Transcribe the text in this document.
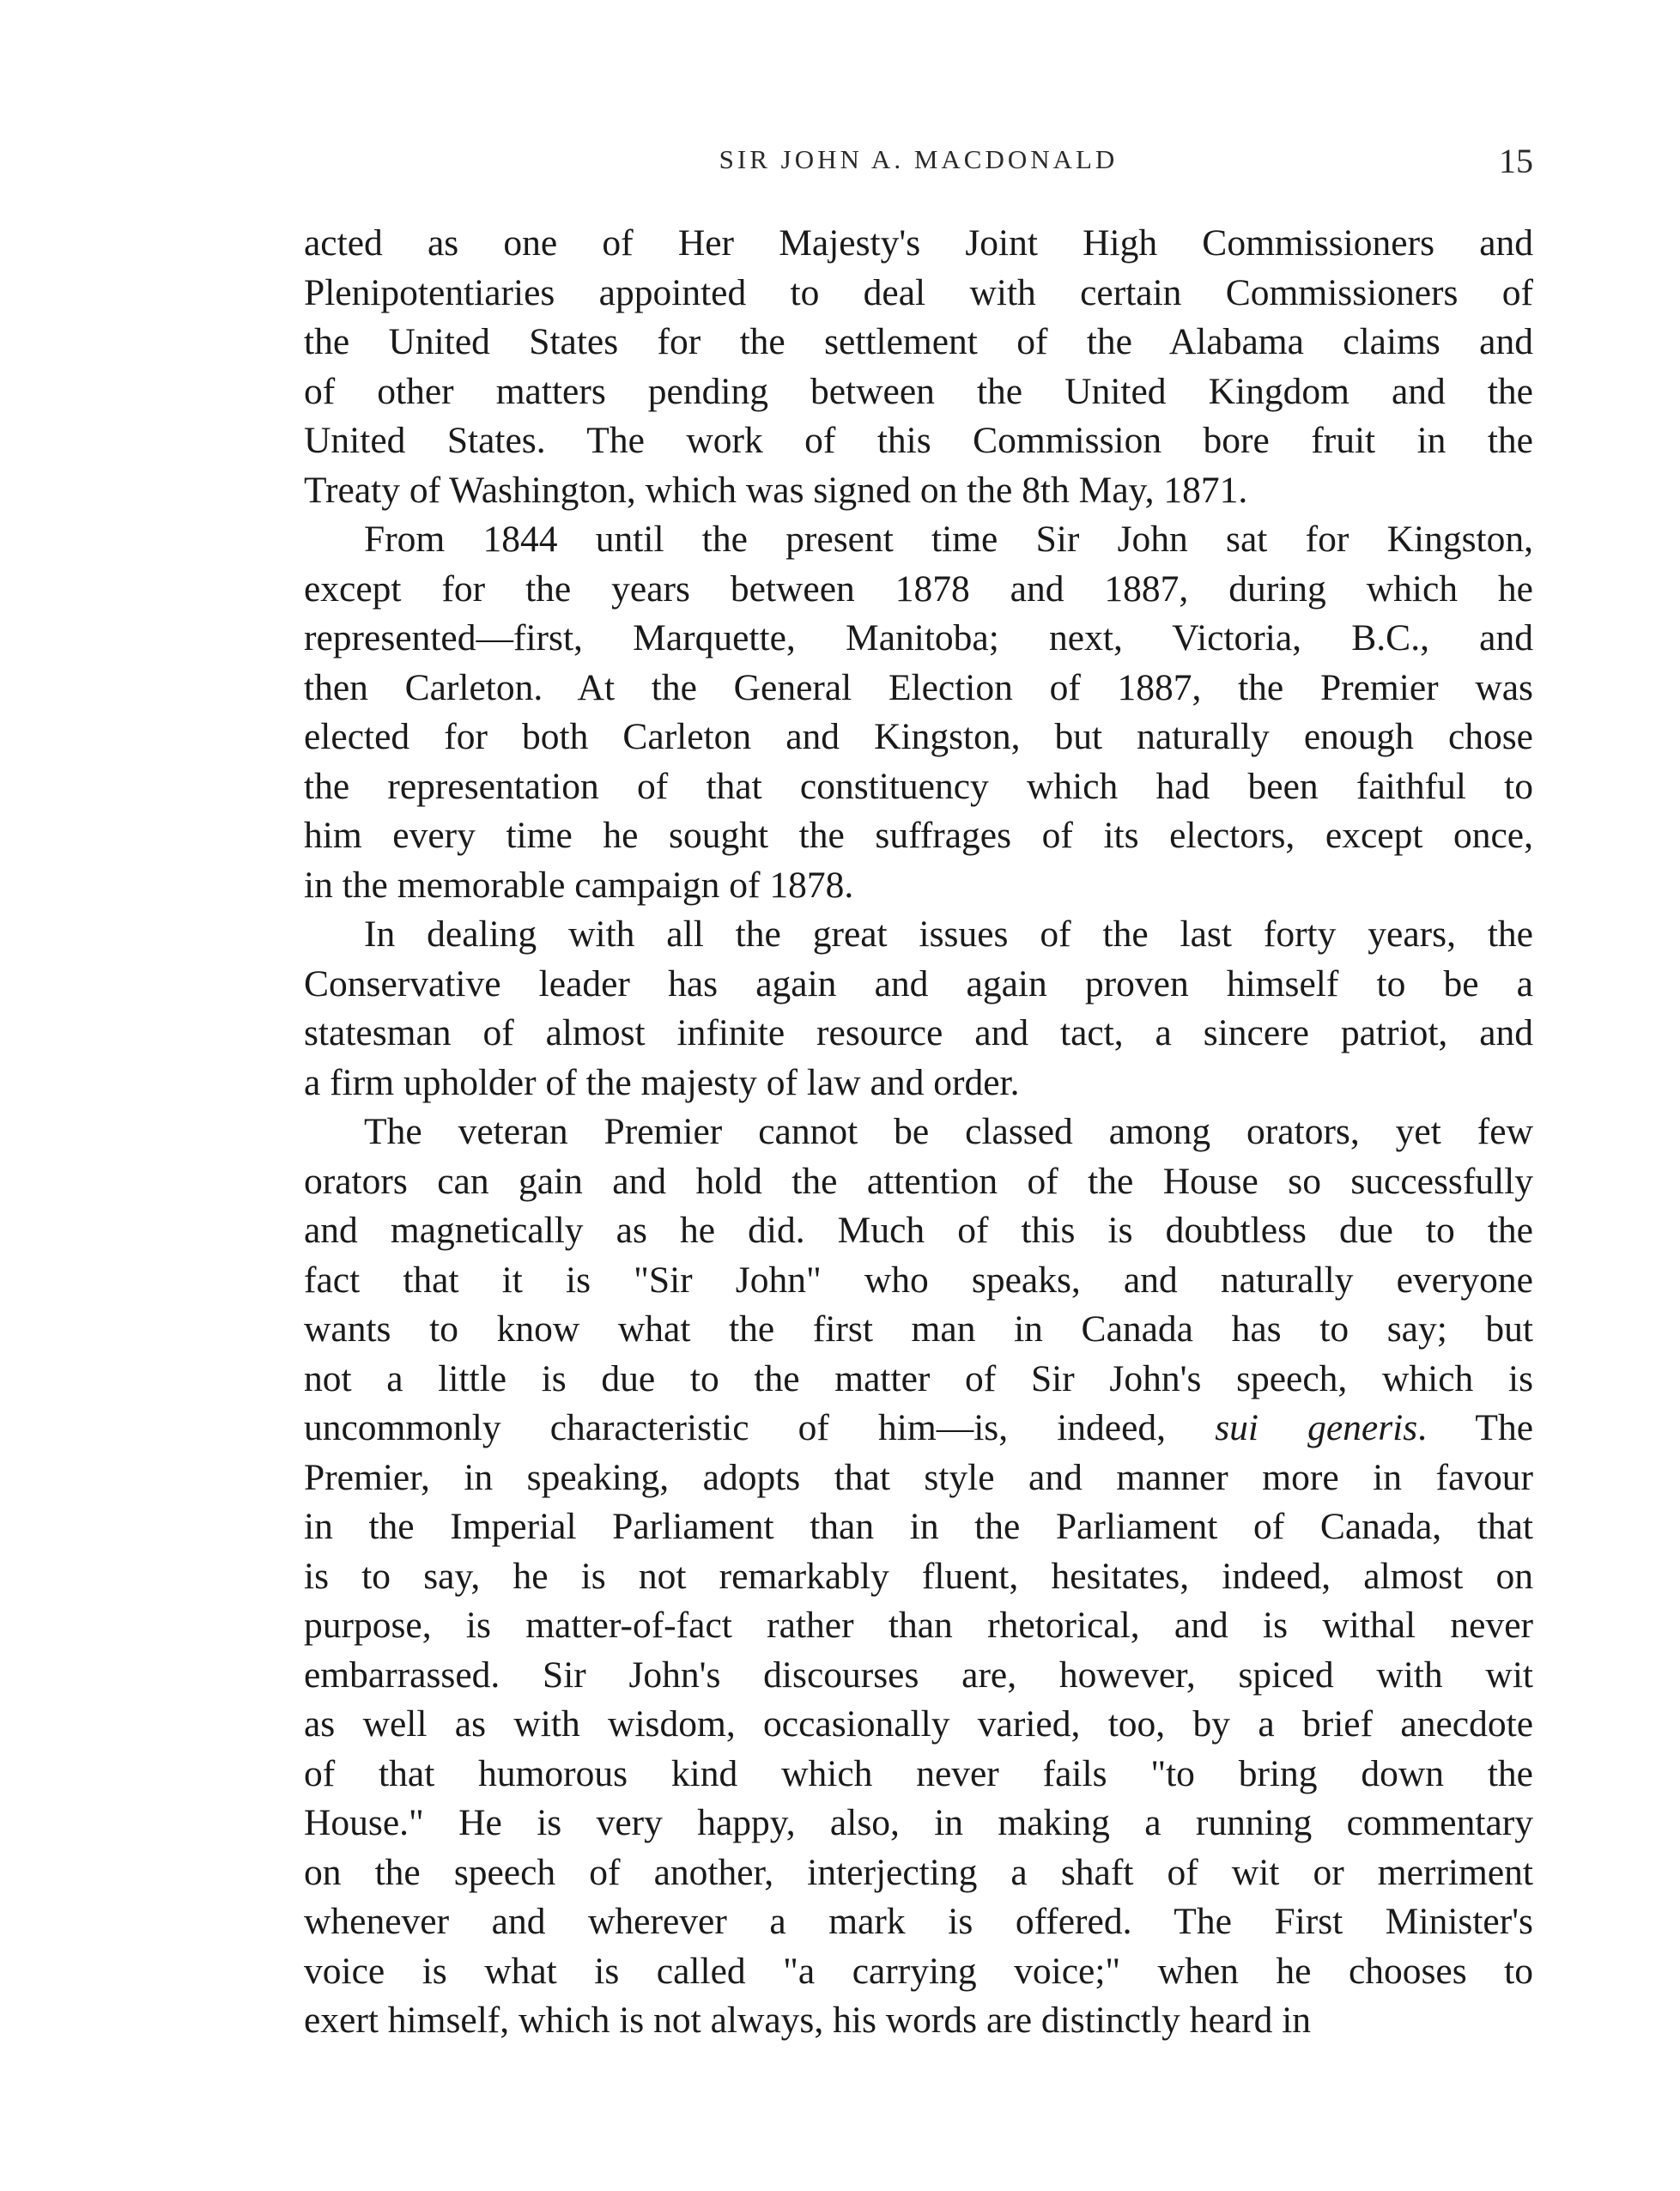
SIR JOHN A. MACDONALD	15
acted as one of Her Majesty's Joint High Commissioners and
Plenipotentiaries appointed to deal with certain Commissioners of
the United States for the settlement of the Alabama claims and
of other matters pending between the United Kingdom and the
United States. The work of this Commission bore fruit in the
Treaty of Washington, which was signed on the 8th May, 1871.
From 1844 until the present time Sir John sat for Kingston,
except for the years between 1878 and 1887, during which he
represented—first, Marquette, Manitoba; next, Victoria, B.C., and
then Carleton. At the General Election of 1887, the Premier was
elected for both Carleton and Kingston, but naturally enough chose
the representation of that constituency which had been faithful to
him every time he sought the suffrages of its electors, except once,
in the memorable campaign of 1878.
In dealing with all the great issues of the last forty years, the
Conservative leader has again and again proven himself to be a
statesman of almost infinite resource and tact, a sincere patriot, and
a firm upholder of the majesty of law and order.
The veteran Premier cannot be classed among orators, yet few
orators can gain and hold the attention of the House so successfully
and magnetically as he did. Much of this is doubtless due to the
fact that it is "Sir John" who speaks, and naturally everyone
wants to know what the first man in Canada has to say; but
not a little is due to the matter of Sir John's speech, which is
uncommonly characteristic of him—is, indeed, sui generis. The
Premier, in speaking, adopts that style and manner more in favour
in the Imperial Parliament than in the Parliament of Canada, that
is to say, he is not remarkably fluent, hesitates, indeed, almost on
purpose, is matter-of-fact rather than rhetorical, and is withal never
embarrassed. Sir John's discourses are, however, spiced with wit
as well as with wisdom, occasionally varied, too, by a brief anecdote
of that humorous kind which never fails "to bring down the
House." He is very happy, also, in making a running commentary
on the speech of another, interjecting a shaft of wit or merriment
whenever and wherever a mark is offered. The First Minister's
voice is what is called "a carrying voice;" when he chooses to
exert himself, which is not always, his words are distinctly heard in
